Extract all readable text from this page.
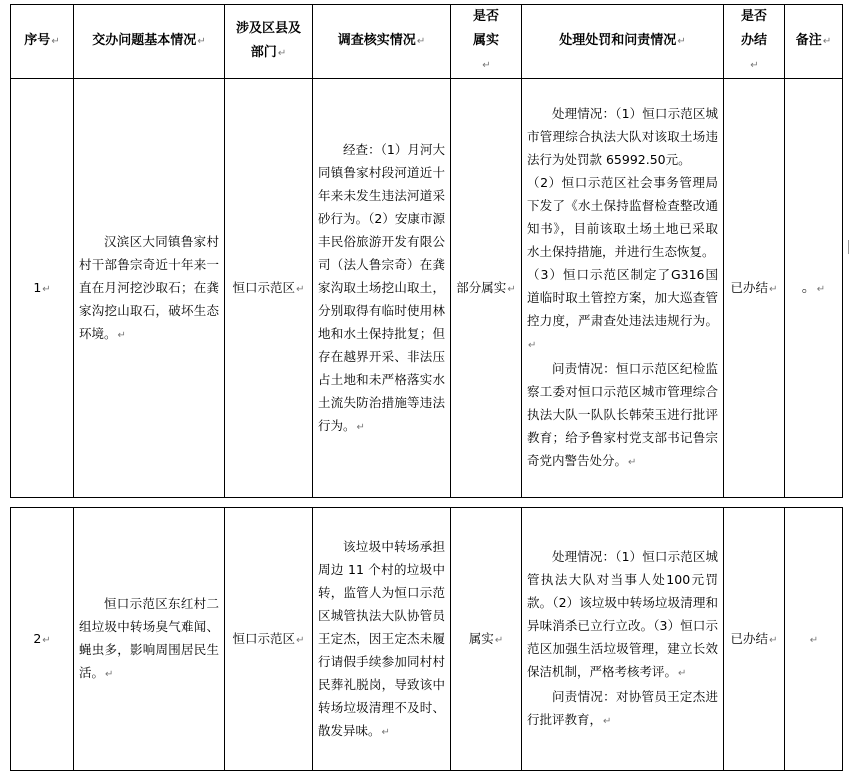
序号↵	交办问题基本情况↵	涉及区县及部门↵	调查核实情况↵	是否属实↵	处理处罚和问责情况↵	是否办结↵	备注↵
1↵	汉滨区大同镇鲁家村村干部鲁宗奇近十年来一直在月河挖沙取石；在龚家沟挖山取石，破坏生态环境。↵	恒口示范区↵	经查：（1）月河大同镇鲁家村段河道近十年来未发生违法河道采砂行为。（2）安康市源丰民俗旅游开发有限公司（法人鲁宗奇）在龚家沟取土场挖山取土，分别取得有临时使用林地和水土保持批复；但存在越界开采、非法压占土地和未严格落实水土流失防治措施等违法行为。↵	部分属实↵	处理情况：（1）恒口示范区城市管理综合执法大队对该取土场违法行为处罚款 65992.50元。

（2）恒口示范区社会事务管理局下发了《水土保持监督检查整改通知书》，目前该取土场土地已采取水土保持措施，并进行生态恢复。

（3）恒口示范区制定了G316国道临时取土管控方案，加大巡查管控力度，严肃查处违法违规行为。↵

问责情况：恒口示范区纪检监察工委对恒口示范区城市管理综合执法大队一队队长韩荣玉进行批评教育；给予鲁家村党支部书记鲁宗奇党内警告处分。↵	已办结↵	。↵

2↵	恒口示范区东红村二组垃圾中转场臭气难闻、蝇虫多，影响周围居民生活。↵	恒口示范区↵	该垃圾中转场承担周边 11 个村的垃圾中转，监管人为恒口示范区城管执法大队协管员王定杰，因王定杰未履行请假手续参加同村村民葬礼脱岗，导致该中转场垃圾清理不及时、散发异味。↵	属实↵	处理情况：（1）恒口示范区城管执法大队对当事人处100元罚款。（2）该垃圾中转场垃圾清理和异味消杀已立行立改。（3）恒口示范区加强生活垃圾管理，建立长效保洁机制，严格考核考评。↵

问责情况：对协管员王定杰进行批评教育，↵	已办结↵	↵
